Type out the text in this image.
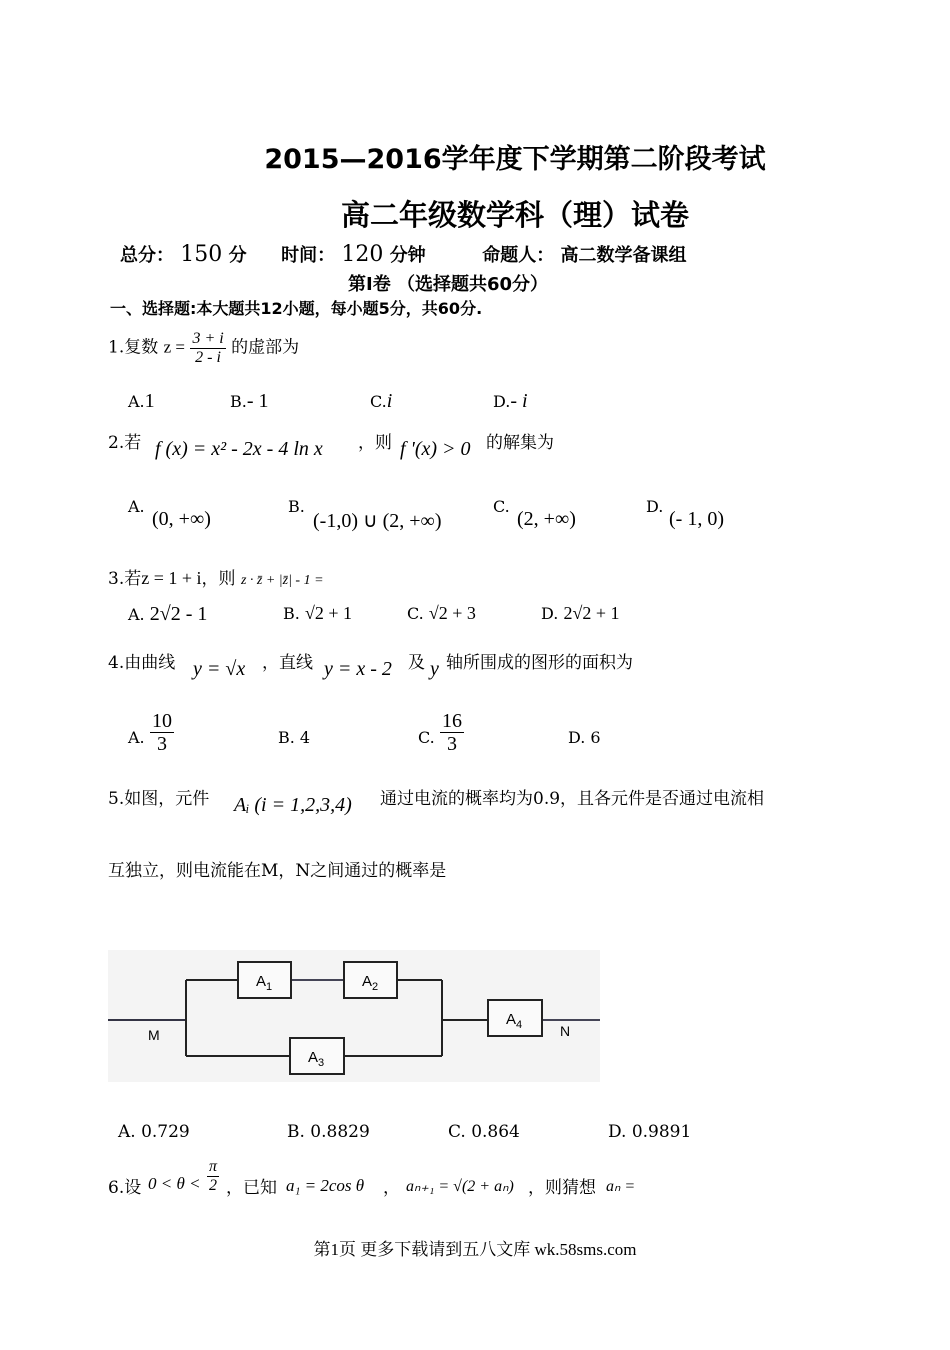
2015—2016学年度下学期第二阶段考试
高二年级数学科（理）试卷
总分： 150 分 时间： 120 分钟	命题人： 高二数学备课组
第Ⅰ卷 （选择题共60分）
一、选择题:本大题共12小题，每小题5分，共60分.
1.复数 $z = \frac{3 + i}{2 - i}$ 的虚部为
A.1	B.- 1	C.i	D.- i
2.若 f (x) = x² - 2x - 4 ln x ，则 f '(x) > 0 的解集为
A.
(0, +∞)
B.
(-1,0) ∪ (2, +∞)
C.
(2, +∞)
D.
(- 1, 0)
3.若z = 1 + i，则 z · z̄ + |z̄| - 1 =
A. 2√2 - 1	B. √2 + 1	C. √2 + 3	D. 2√2 + 1
4.由曲线 y = √x ，直线 y = x - 2 及 y 轴所围成的图形的面积为
A. $\frac{10}{3}$	B. 4	C. $\frac{16}{3}$	D. 6
5.如图，元件 Aᵢ (i = 1,2,3,4) 通过电流的概率均为0.9，且各元件是否通过电流相
互独立，则电流能在M，N之间通过的概率是
M	N
$A_1$	$A_2$
$A_3$
$A_4$
A. 0.729	B. 0.8829	C. 0.864	D. 0.9891
6.设 $0 < \theta < \frac{\pi}{2}$ ，已知 a₁ = 2cos θ ， aₙ₊₁ = √(2 + aₙ) ，则猜想 aₙ =
第1页 更多下载请到五八文库 wk.58sms.com
